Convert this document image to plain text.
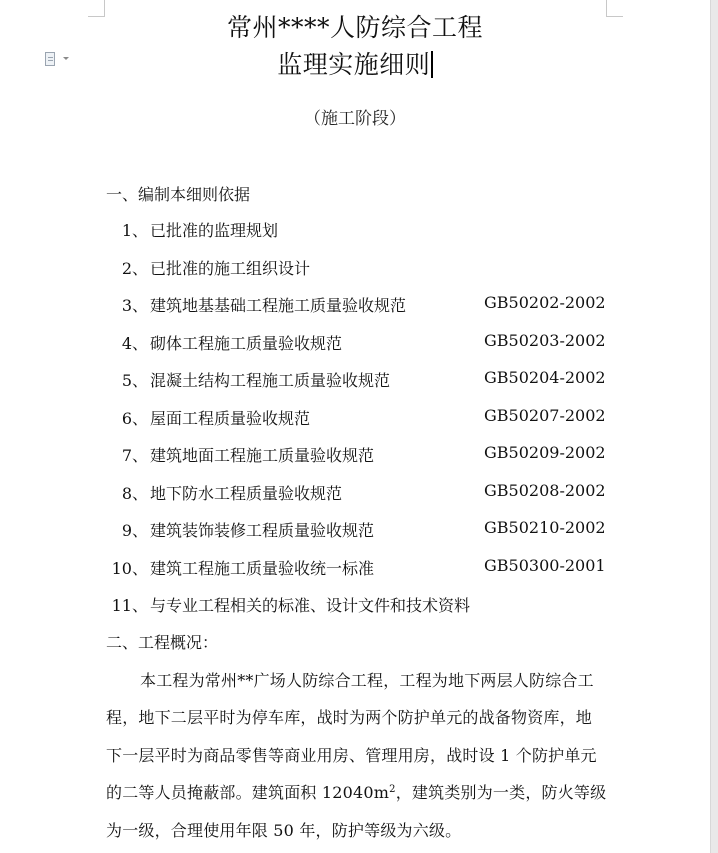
常州****人防综合工程
监理实施细则
（施工阶段）
一、编制本细则依据
1、 已批准的监理规划
2、 已批准的施工组织设计
3、 建筑地基基础工程施工质量验收规范	GB50202-2002
4、 砌体工程施工质量验收规范	GB50203-2002
5、 混凝土结构工程施工质量验收规范	GB50204-2002
6、 屋面工程质量验收规范	GB50207-2002
7、 建筑地面工程施工质量验收规范	GB50209-2002
8、 地下防水工程质量验收规范	GB50208-2002
9、 建筑装饰装修工程质量验收规范	GB50210-2002
10、 建筑工程施工质量验收统一标准	GB50300-2001
11、 与专业工程相关的标准、设计文件和技术资料
二、工程概况：
本工程为常州**广场人防综合工程，工程为地下两层人防综合工
程，地下二层平时为停车库，战时为两个防护单元的战备物资库，地
下一层平时为商品零售等商业用房、管理用房，战时设 1 个防护单元
的二等人员掩蔽部。建筑面积 $12040m^2$，建筑类别为一类，防火等级
为一级，合理使用年限 50 年，防护等级为六级。
